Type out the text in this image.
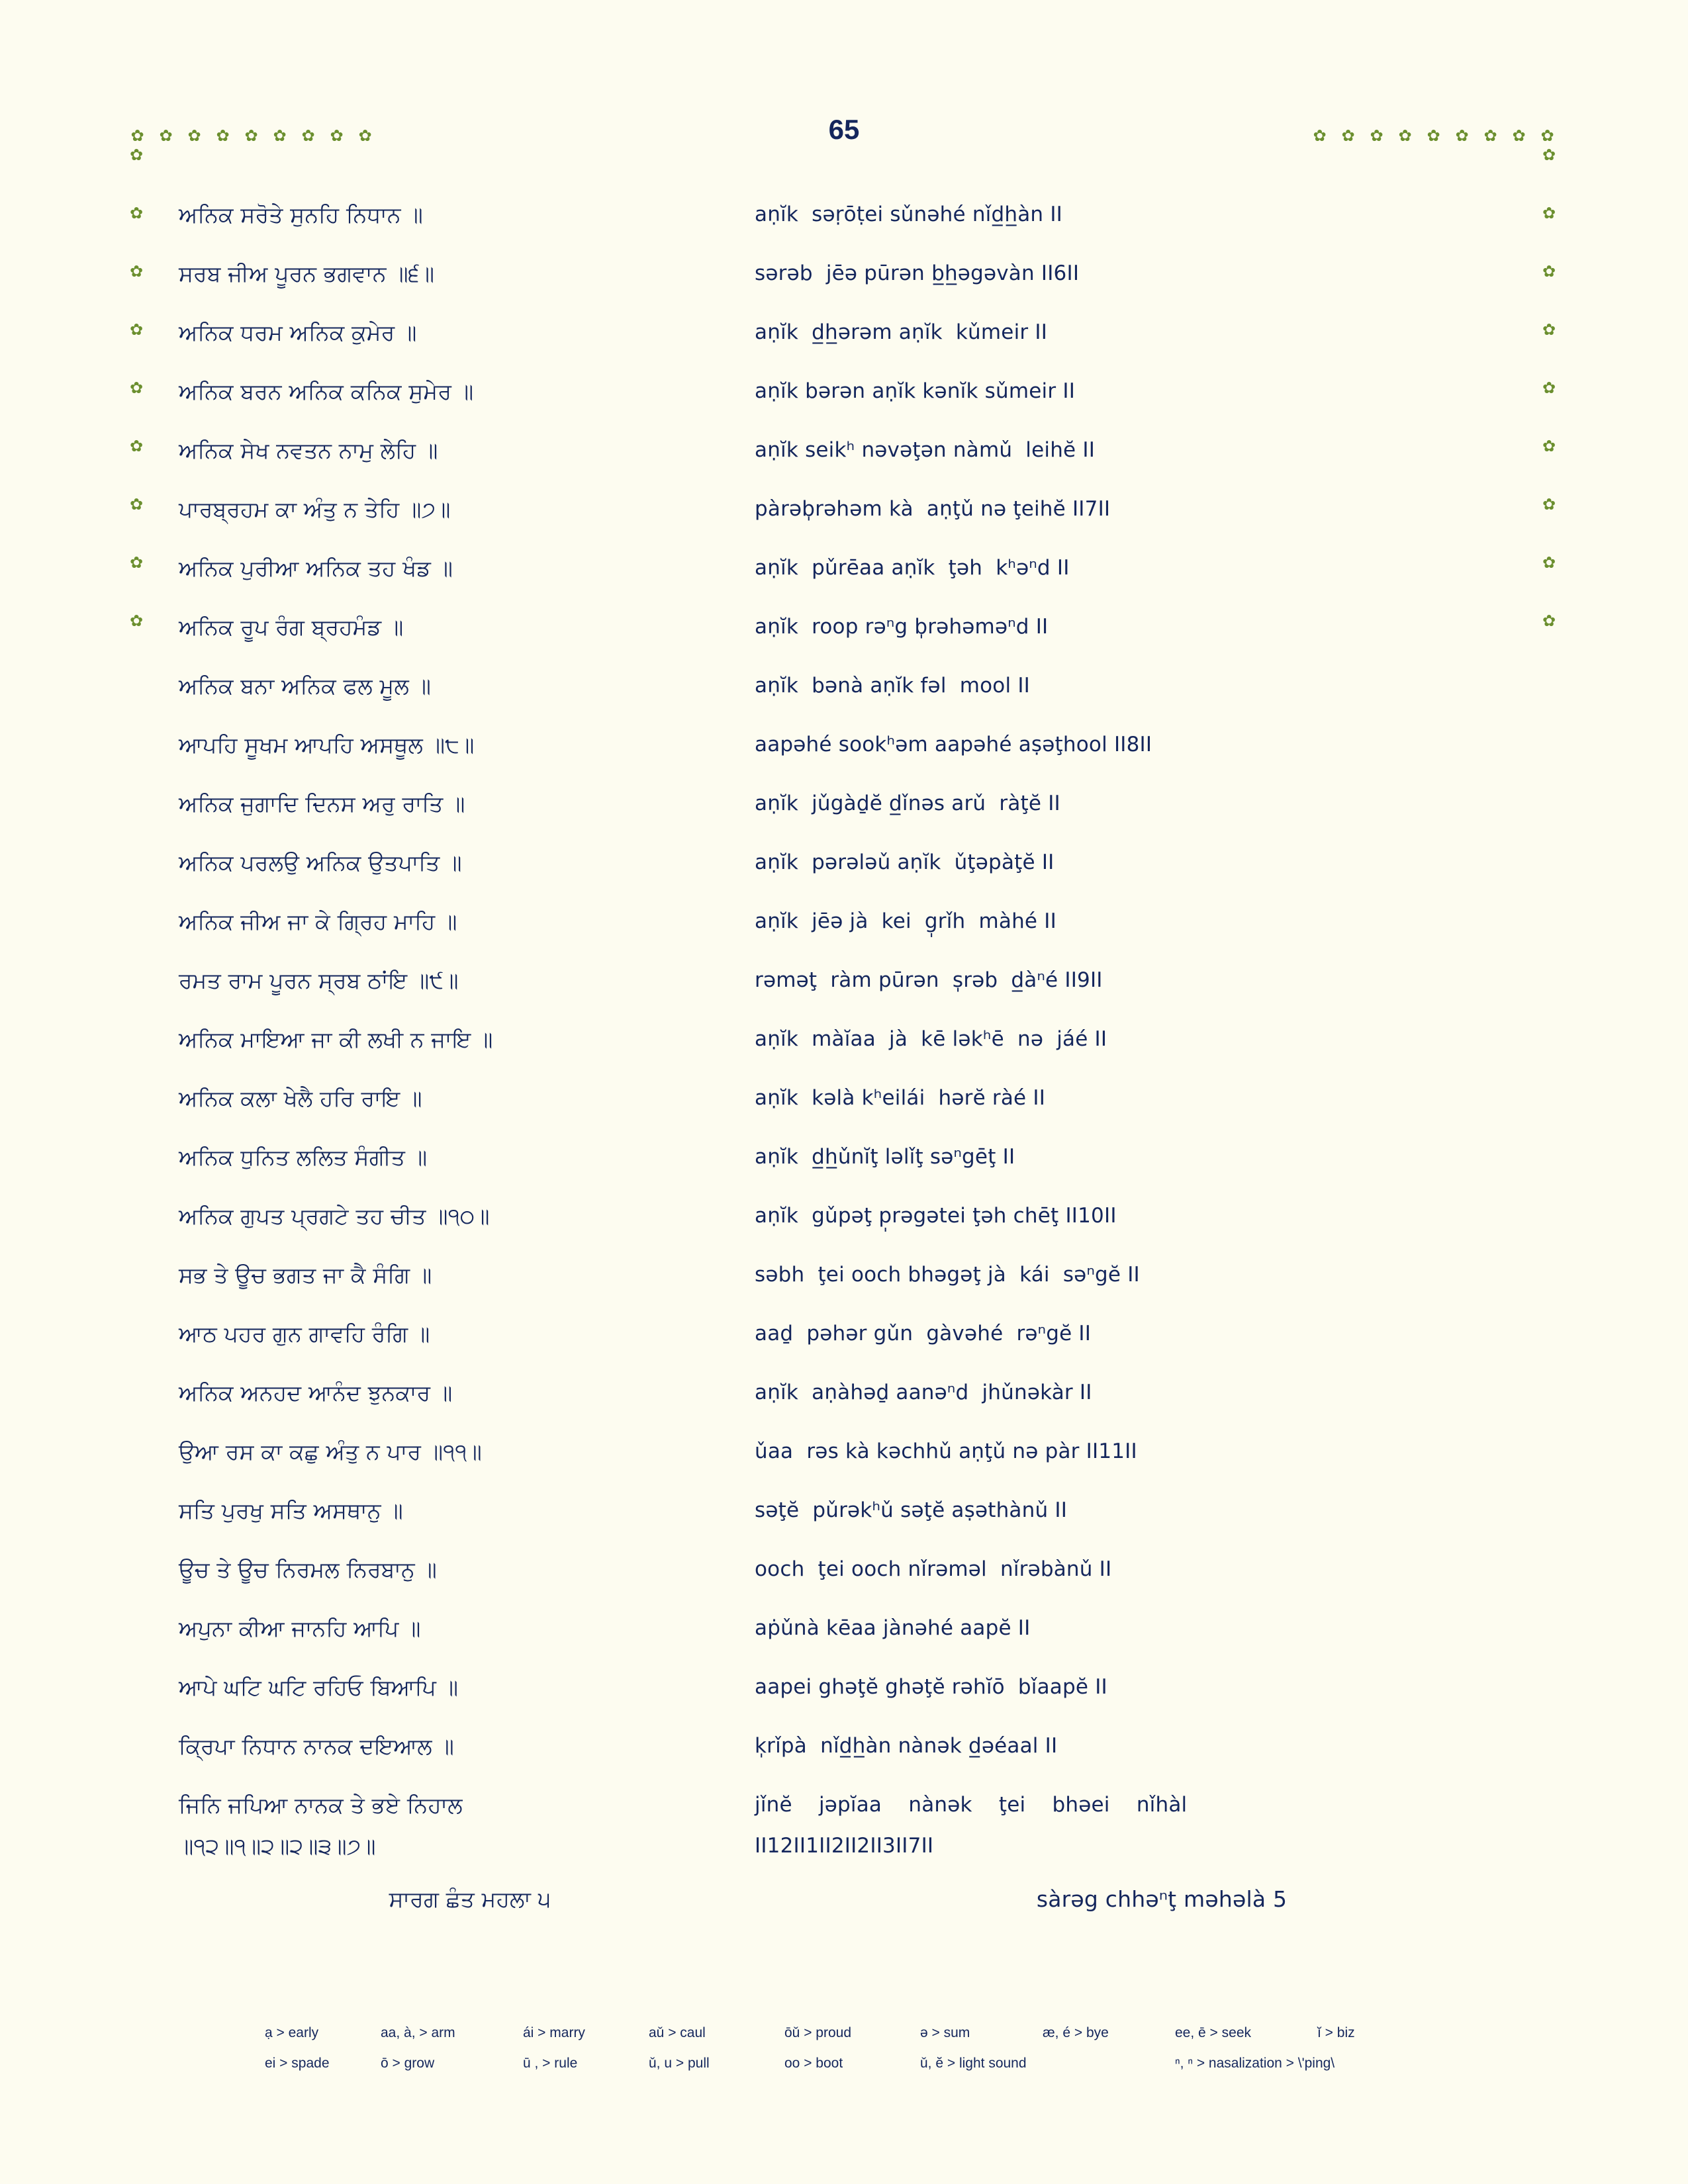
✿
✿
✿
✿
✿
✿
✿
✿
✿
✿ ✿ ✿ ✿ ✿ ✿ ✿ ✿ ✿
✿
✿
✿
✿
✿
✿
✿
✿
✿
✿ ✿ ✿ ✿ ✿ ✿ ✿ ✿ ✿
65
ਅਨਿਕ ਸਰੋਤੇ ਸੁਨਹਿ ਨਿਧਾਨ ॥
ਸਰਬ ਜੀਅ ਪੂਰਨ ਭਗਵਾਨ ॥੬॥
ਅਨਿਕ ਧਰਮ ਅਨਿਕ ਕੁਮੇਰ ॥
ਅਨਿਕ ਬਰਨ ਅਨਿਕ ਕਨਿਕ ਸੁਮੇਰ ॥
ਅਨਿਕ ਸੇਖ ਨਵਤਨ ਨਾਮੁ ਲੇਹਿ ॥
ਪਾਰਬ੍ਰਹਮ ਕਾ ਅੰਤੁ ਨ ਤੇਹਿ ॥੭॥
ਅਨਿਕ ਪੁਰੀਆ ਅਨਿਕ ਤਹ ਖੰਡ ॥
ਅਨਿਕ ਰੂਪ ਰੰਗ ਬ੍ਰਹਮੰਡ ॥
ਅਨਿਕ ਬਨਾ ਅਨਿਕ ਫਲ ਮੂਲ ॥
ਆਪਹਿ ਸੂਖਮ ਆਪਹਿ ਅਸਥੂਲ ॥੮॥
ਅਨਿਕ ਜੁਗਾਦਿ ਦਿਨਸ ਅਰੁ ਰਾਤਿ ॥
ਅਨਿਕ ਪਰਲਉ ਅਨਿਕ ਉਤਪਾਤਿ ॥
ਅਨਿਕ ਜੀਅ ਜਾ ਕੇ ਗ੍ਰਿਹ ਮਾਹਿ ॥
ਰਮਤ ਰਾਮ ਪੂਰਨ ਸ੍ਰਬ ਠਾਂਇ ॥੯॥
ਅਨਿਕ ਮਾਇਆ ਜਾ ਕੀ ਲਖੀ ਨ ਜਾਇ ॥
ਅਨਿਕ ਕਲਾ ਖੇਲੈ ਹਰਿ ਰਾਇ ॥
ਅਨਿਕ ਧੁਨਿਤ ਲਲਿਤ ਸੰਗੀਤ ॥
ਅਨਿਕ ਗੁਪਤ ਪ੍ਰਗਟੇ ਤਹ ਚੀਤ ॥੧੦॥
ਸਭ ਤੇ ਊਚ ਭਗਤ ਜਾ ਕੈ ਸੰਗਿ ॥
ਆਠ ਪਹਰ ਗੁਨ ਗਾਵਹਿ ਰੰਗਿ ॥
ਅਨਿਕ ਅਨਹਦ ਆਨੰਦ ਝੁਨਕਾਰ ॥
ਉਆ ਰਸ ਕਾ ਕਛੁ ਅੰਤੁ ਨ ਪਾਰ ॥੧੧॥
ਸਤਿ ਪੁਰਖੁ ਸਤਿ ਅਸਥਾਨੁ ॥
ਊਚ ਤੇ ਊਚ ਨਿਰਮਲ ਨਿਰਬਾਨੁ ॥
ਅਪੁਨਾ ਕੀਆ ਜਾਨਹਿ ਆਪਿ ॥
ਆਪੇ ਘਟਿ ਘਟਿ ਰਹਿਓ ਬਿਆਪਿ ॥
ਕ੍ਰਿਪਾ ਨਿਧਾਨ ਨਾਨਕ ਦਇਆਲ ॥
ਜਿਨਿ ਜਪਿਆ ਨਾਨਕ ਤੇ ਭਏ ਨਿਹਾਲ
॥੧੨॥੧॥੨॥੨॥੩॥੭॥
ਸਾਰਗ ਛੰਤ ਮਹਲਾ ੫
aṇĭk  səṛōṭei sǔnəhé nǐd̲h̲àn II
sərəb  jēə pūrən b̲h̲əgəvàn II6II
aṇĭk  d̲h̲ərəm aṇĭk  kǔmeir II
aṇĭk bərən aṇĭk kənĭk sǔmeir II
aṇĭk seikʰ nəvəţən nàmǔ  leihĕ II
pàrəb̩rəhəm kà  aṇţǔ nə ţeihĕ II7II
aṇĭk  pǔrēaa aṇĭk  ţəh  kʰəⁿd II
aṇĭk  roop rəⁿg b̩rəhəməⁿd II
aṇĭk  bənà aṇĭk fəl  mool II
aapəhé sookʰəm aapəhé aṣəţhool II8II
aṇĭk  jǔgàḏĕ d̲ǐnəs arǔ  ràţĕ II
aṇĭk  pərələǔ aṇĭk  ǔţəpàţĕ II
aṇĭk  jēə jà  kei  g̩rǐh  màhé II
rəməţ  ràm pūrən  s̩rəb  d̲àⁿé II9II
aṇĭk  màĭaa  jà  kē ləkʰē  nə  jáé II
aṇĭk  kəlà kʰeilái  hərĕ ràé II
aṇĭk  d̲h̲ǔnĭţ ləlǐţ səⁿgēţ II
aṇĭk  gǔpəţ p̩rəgətei ţəh chēţ II10II
səbh  ţei ooch bhəgəţ jà  kái  səⁿgĕ II
aaḏ  pəhər gǔn  gàvəhé  rəⁿgĕ II
aṇĭk  aṇàhəḏ aanəⁿd  jhǔnəkàr II
ǔaa  rəs kà kəchhǔ aṇţǔ nə pàr II11II
səţĕ  pǔrəkʰǔ səţĕ aṣəthànǔ II
ooch  ţei ooch nǐrəməl  nǐrəbànǔ II
aṗǔnà kēaa jànəhé aapĕ II
aapei ghəţĕ ghəţĕ rəhĭō  bǐaapĕ II
k̩rǐpà  nǐd̲h̲àn nànək d̲əéaal II
jǐnĕ    jəpĭaa    nànək    ţei    bhəei    nǐhàl
II12II1II2II2II3II7II
sàrəg chhəⁿţ məhəlà 5
ạ > early	aa, à, > arm	ái > marry	aǔ > caul	ōǔ > proud	ə > sum	æ, é > bye	ee, ē > seek	ĭ > biz
ei > spade	ō > grow	ū , > rule	ǔ, u > pull	oo > boot	ǔ, ĕ > light sound	ⁿ, ⁿ > nasalization > \'ping\
